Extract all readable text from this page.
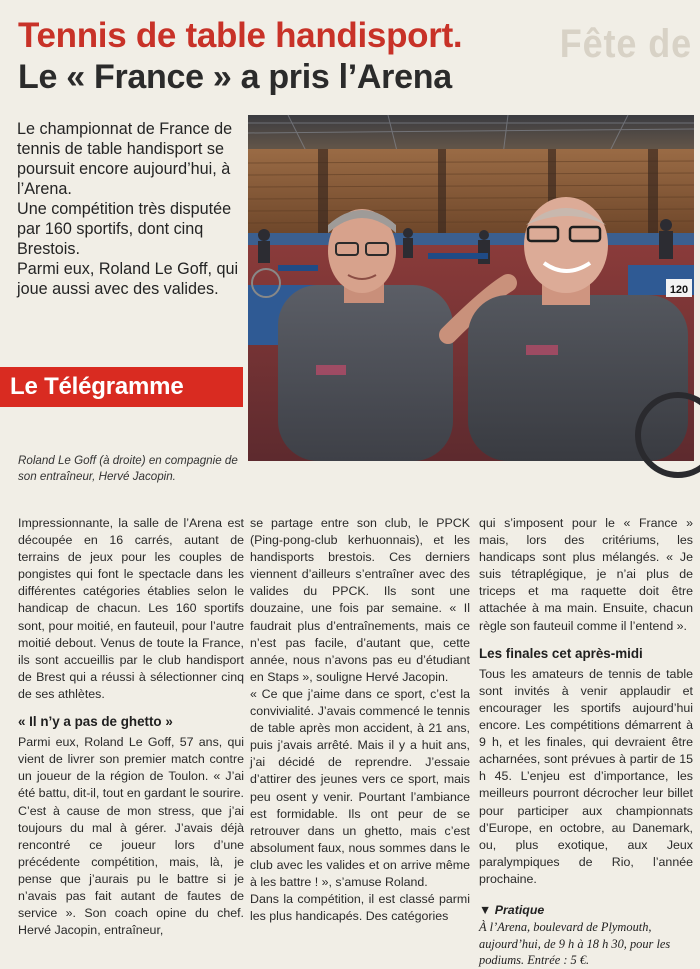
Fête de
Tennis de table handisport.
Le « France » a pris l’Arena

Le championnat de France de tennis de table handisport se poursuit encore aujourd’hui, à l’Arena.

Une compétition très disputée par 160 sportifs, dont cinq Brestois.

Parmi eux, Roland Le Goff, qui joue aussi avec des valides.

Le Télégramme
120
Roland Le Goff (à droite) en compagnie de son entraîneur, Hervé Jacopin.

Impressionnante, la salle de l’Arena est découpée en 16 carrés, autant de terrains de jeux pour les couples de pongistes qui font le spectacle dans les différentes catégories établies selon le handicap de chacun. Les 160 sportifs sont, pour moitié, en fauteuil, pour l’autre moitié debout. Venus de toute la France, ils sont accueillis par le club handisport de Brest qui a réussi à sélectionner cinq de ses athlètes.

« Il n’y a pas de ghetto »

Parmi eux, Roland Le Goff, 57 ans, qui vient de livrer son premier match contre un joueur de la région de Toulon. « J’ai été battu, dit-il, tout en gardant le sourire. C’est à cause de mon stress, que j’ai toujours du mal à gérer. J’avais déjà rencontré ce joueur lors d’une précédente compétition, mais, là, je pense que j’aurais pu le battre si je n’avais pas fait autant de fautes de service ». Son coach opine du chef. Hervé Jacopin, entraîneur,

se partage entre son club, le PPCK (Ping-pong-club kerhuonnais), et les handisports brestois. Ces derniers viennent d’ailleurs s’entraîner avec des valides du PPCK. Ils sont une douzaine, une fois par semaine. « Il faudrait plus d’entraînements, mais ce n’est pas facile, d’autant que, cette année, nous n’avons pas eu d’étudiant en Staps », souligne Hervé Jacopin.

« Ce que j’aime dans ce sport, c’est la convivialité. J’avais commencé le tennis de table après mon accident, à 21 ans, puis j’avais arrêté. Mais il y a huit ans, j’ai décidé de reprendre. J’essaie d’attirer des jeunes vers ce sport, mais peu osent y venir. Pourtant l’ambiance est formidable. Ils ont peur de se retrouver dans un ghetto, mais c’est absolument faux, nous sommes dans le club avec les valides et on arrive même à les battre ! », s’amuse Roland.

Dans la compétition, il est classé parmi les plus handicapés. Des catégories

qui s’imposent pour le « France » mais, lors des critériums, les handicaps sont plus mélangés. « Je suis tétraplégique, je n’ai plus de triceps et ma raquette doit être attachée à ma main. Ensuite, chacun règle son fauteuil comme il l’entend ».

Les finales cet après-midi

Tous les amateurs de tennis de table sont invités à venir applaudir et encourager les sportifs aujourd’hui encore. Les compétitions démarrent à 9 h, et les finales, qui devraient être acharnées, sont prévues à partir de 15 h 45. L’enjeu est d’importance, les meilleurs pourront décrocher leur billet pour participer aux championnats d’Europe, en octobre, au Danemark, ou, plus exotique, aux Jeux paralympiques de Rio, l’année prochaine.

▼ Pratique
À l’Arena, boulevard de Plymouth, aujourd’hui, de 9 h à 18 h 30, pour les podiums. Entrée : 5 €.
